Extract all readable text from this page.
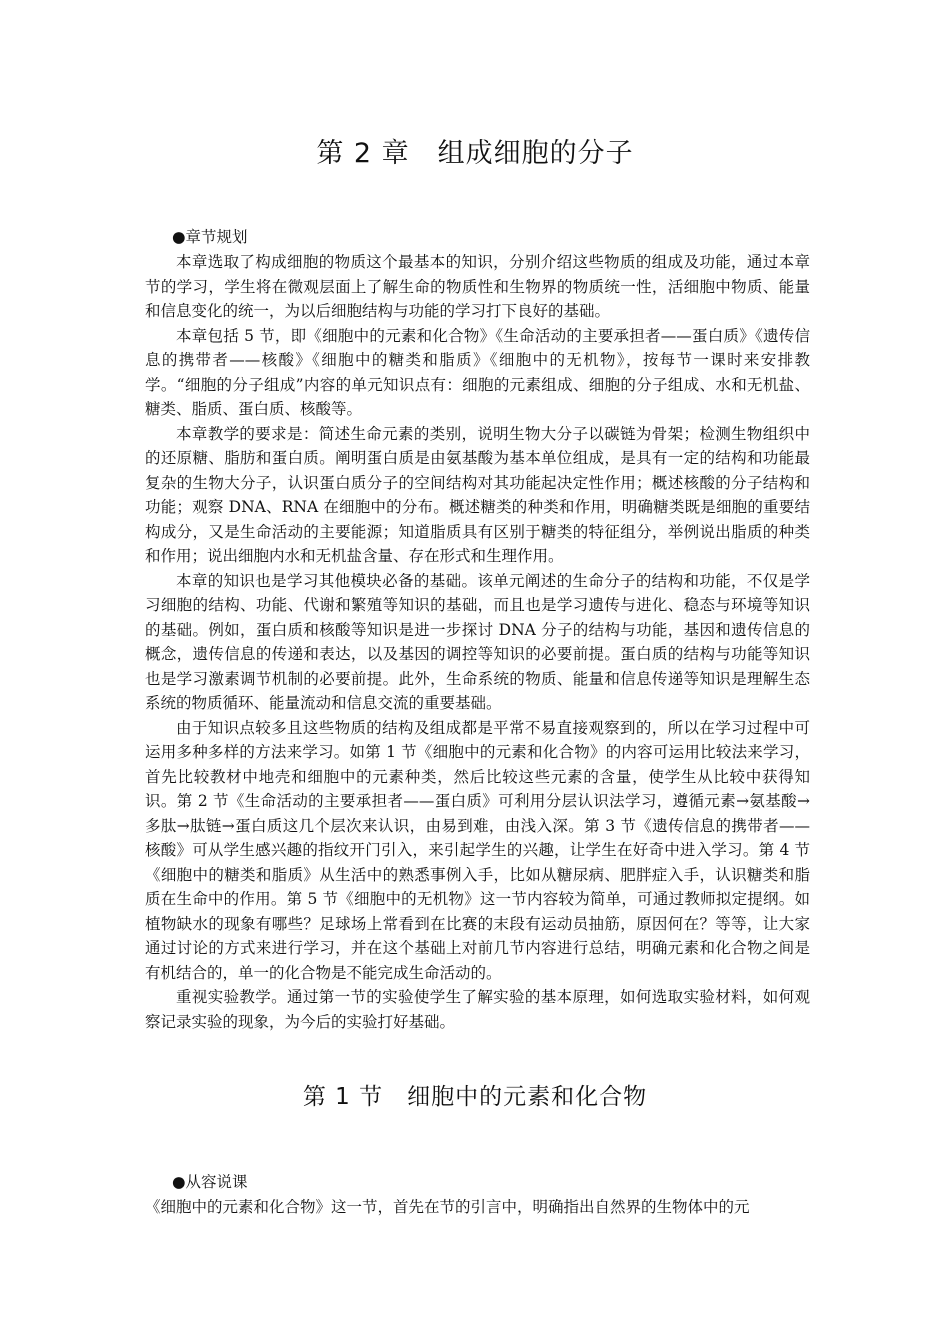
第 2 章　组成细胞的分子
●章节规划

本章选取了构成细胞的物质这个最基本的知识，分别介绍这些物质的组成及功能，通过本章节的学习，学生将在微观层面上了解生命的物质性和生物界的物质统一性，活细胞中物质、能量和信息变化的统一，为以后细胞结构与功能的学习打下良好的基础。

本章包括 5 节，即《细胞中的元素和化合物》《生命活动的主要承担者——蛋白质》《遗传信息的携带者——核酸》《细胞中的糖类和脂质》《细胞中的无机物》，按每节一课时来安排教学。“细胞的分子组成”内容的单元知识点有：细胞的元素组成、细胞的分子组成、水和无机盐、糖类、脂质、蛋白质、核酸等。

本章教学的要求是：简述生命元素的类别，说明生物大分子以碳链为骨架；检测生物组织中的还原糖、脂肪和蛋白质。阐明蛋白质是由氨基酸为基本单位组成，是具有一定的结构和功能最复杂的生物大分子，认识蛋白质分子的空间结构对其功能起决定性作用；概述核酸的分子结构和功能；观察 DNA、RNA 在细胞中的分布。概述糖类的种类和作用，明确糖类既是细胞的重要结构成分，又是生命活动的主要能源；知道脂质具有区别于糖类的特征组分，举例说出脂质的种类和作用；说出细胞内水和无机盐含量、存在形式和生理作用。

本章的知识也是学习其他模块必备的基础。该单元阐述的生命分子的结构和功能，不仅是学习细胞的结构、功能、代谢和繁殖等知识的基础，而且也是学习遗传与进化、稳态与环境等知识的基础。例如，蛋白质和核酸等知识是进一步探讨 DNA 分子的结构与功能，基因和遗传信息的概念，遗传信息的传递和表达，以及基因的调控等知识的必要前提。蛋白质的结构与功能等知识也是学习激素调节机制的必要前提。此外，生命系统的物质、能量和信息传递等知识是理解生态系统的物质循环、能量流动和信息交流的重要基础。

由于知识点较多且这些物质的结构及组成都是平常不易直接观察到的，所以在学习过程中可运用多种多样的方法来学习。如第 1 节《细胞中的元素和化合物》的内容可运用比较法来学习，首先比较教材中地壳和细胞中的元素种类，然后比较这些元素的含量，使学生从比较中获得知识。第 2 节《生命活动的主要承担者——蛋白质》可利用分层认识法学习，遵循元素→氨基酸→多肽→肽链→蛋白质这几个层次来认识，由易到难，由浅入深。第 3 节《遗传信息的携带者——核酸》可从学生感兴趣的指纹开门引入，来引起学生的兴趣，让学生在好奇中进入学习。第 4 节《细胞中的糖类和脂质》从生活中的熟悉事例入手，比如从糖尿病、肥胖症入手，认识糖类和脂质在生命中的作用。第 5 节《细胞中的无机物》这一节内容较为简单，可通过教师拟定提纲。如植物缺水的现象有哪些？足球场上常看到在比赛的末段有运动员抽筋，原因何在？等等，让大家通过讨论的方式来进行学习，并在这个基础上对前几节内容进行总结，明确元素和化合物之间是有机结合的，单一的化合物是不能完成生命活动的。

重视实验教学。通过第一节的实验使学生了解实验的基本原理，如何选取实验材料，如何观察记录实验的现象，为今后的实验打好基础。

第 1 节　细胞中的元素和化合物
●从容说课

《细胞中的元素和化合物》这一节，首先在节的引言中，明确指出自然界的生物体中的元
